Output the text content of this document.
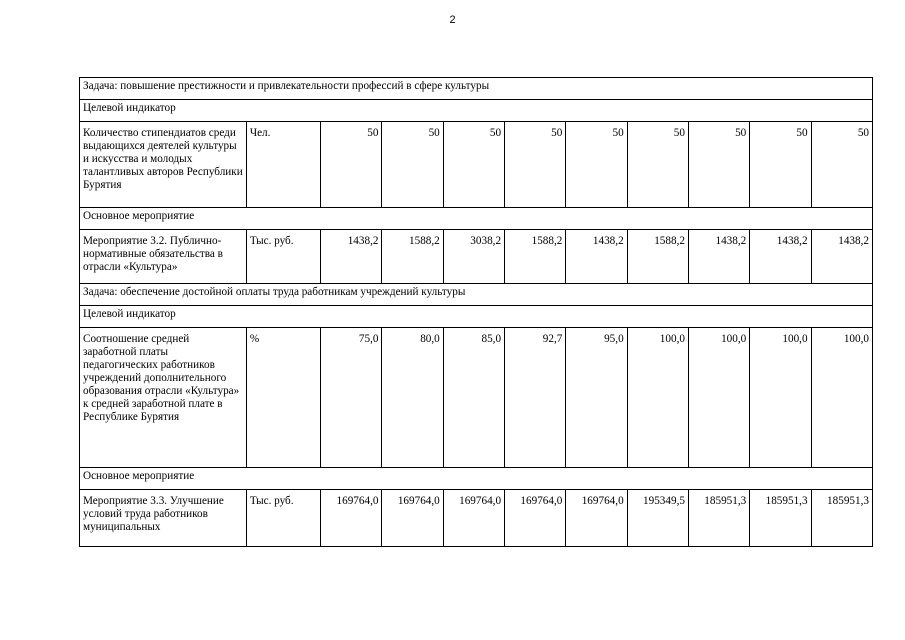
2
Задача: повышение престижности и привлекательности профессий в сфере культуры										
Целевой индикатор										
Количество стипендиатов среди выдающихся деятелей культуры и искусства и молодых талантливых авторов Республики Бурятия	Чел.	50	50	50	50	50	50	50	50	50
Основное мероприятие										
Мероприятие 3.2. Публично-нормативные обязательства в отрасли «Культура»	Тыс. руб.	1438,2	1588,2	3038,2	1588,2	1438,2	1588,2	1438,2	1438,2	1438,2
Задача: обеспечение достойной оплаты труда работникам учреждений культуры										
Целевой индикатор										
Соотношение средней заработной платы педагогических работников учреждений дополнительного образования отрасли «Культура» к средней заработной плате в Республике Бурятия	%	75,0	80,0	85,0	92,7	95,0	100,0	100,0	100,0	100,0
Основное мероприятие										
Мероприятие 3.3. Улучшение условий труда работников муниципальных	Тыс. руб.	169764,0	169764,0	169764,0	169764,0	169764,0	195349,5	185951,3	185951,3	185951,3
